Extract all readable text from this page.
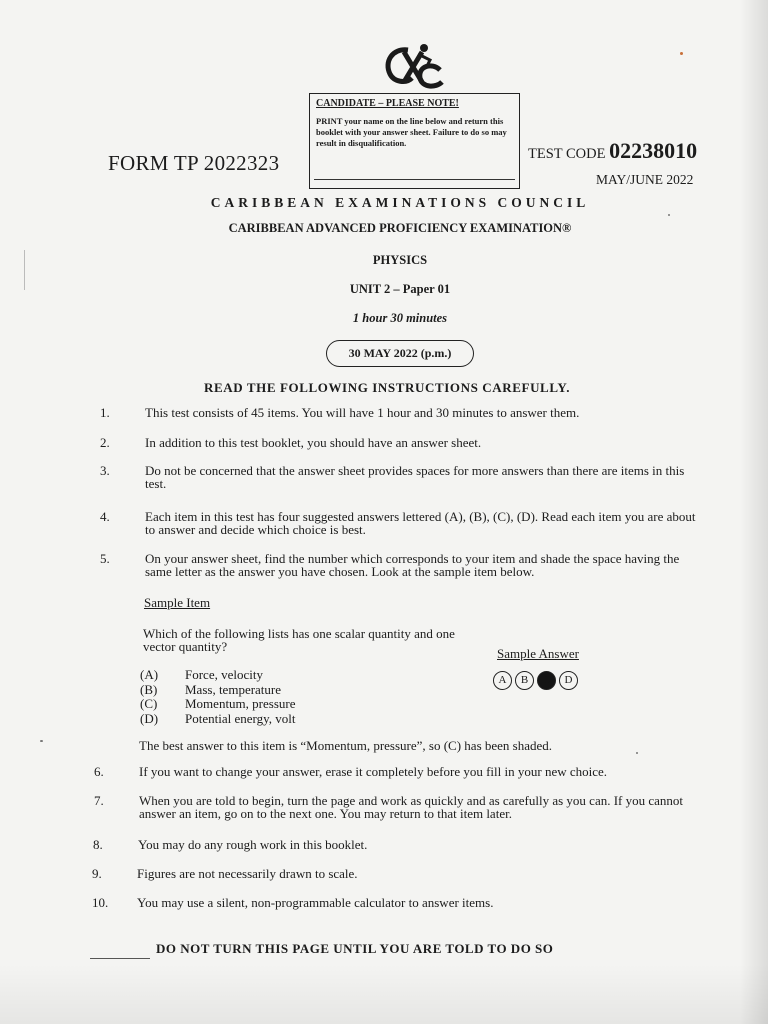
CANDIDATE – PLEASE NOTE!
PRINT your name on the line below and return this booklet with your answer sheet. Failure to do so may result in disqualification.
FORM TP 2022323	TEST CODE 02238010
MAY/JUNE 2022
CARIBBEAN EXAMINATIONS COUNCIL
CARIBBEAN ADVANCED PROFICIENCY EXAMINATION®
PHYSICS
UNIT 2 – Paper 01
1 hour 30 minutes
30 MAY 2022 (p.m.)
READ THE FOLLOWING INSTRUCTIONS CAREFULLY.
1.	This test consists of 45 items. You will have 1 hour and 30 minutes to answer them.
2.	In addition to this test booklet, you should have an answer sheet.
3.	Do not be concerned that the answer sheet provides spaces for more answers than there are items in this test.
4.	Each item in this test has four suggested answers lettered (A), (B), (C), (D). Read each item you are about to answer and decide which choice is best.
5.	On your answer sheet, find the number which corresponds to your item and shade the space having the same letter as the answer you have chosen. Look at the sample item below.
Sample Item
Which of the following lists has one scalar quantity and one vector quantity?
(A)	Force, velocity
(B)	Mass, temperature
(C)	Momentum, pressure
(D)	Potential energy, volt
Sample Answer
A	B	C	D
The best answer to this item is “Momentum, pressure”, so (C) has been shaded.
6.	If you want to change your answer, erase it completely before you fill in your new choice.
7.	When you are told to begin, turn the page and work as quickly and as carefully as you can. If you cannot answer an item, go on to the next one. You may return to that item later.
8.	You may do any rough work in this booklet.
9.	Figures are not necessarily drawn to scale.
10. You may use a silent, non-programmable calculator to answer items.
DO NOT TURN THIS PAGE UNTIL YOU ARE TOLD TO DO SO
